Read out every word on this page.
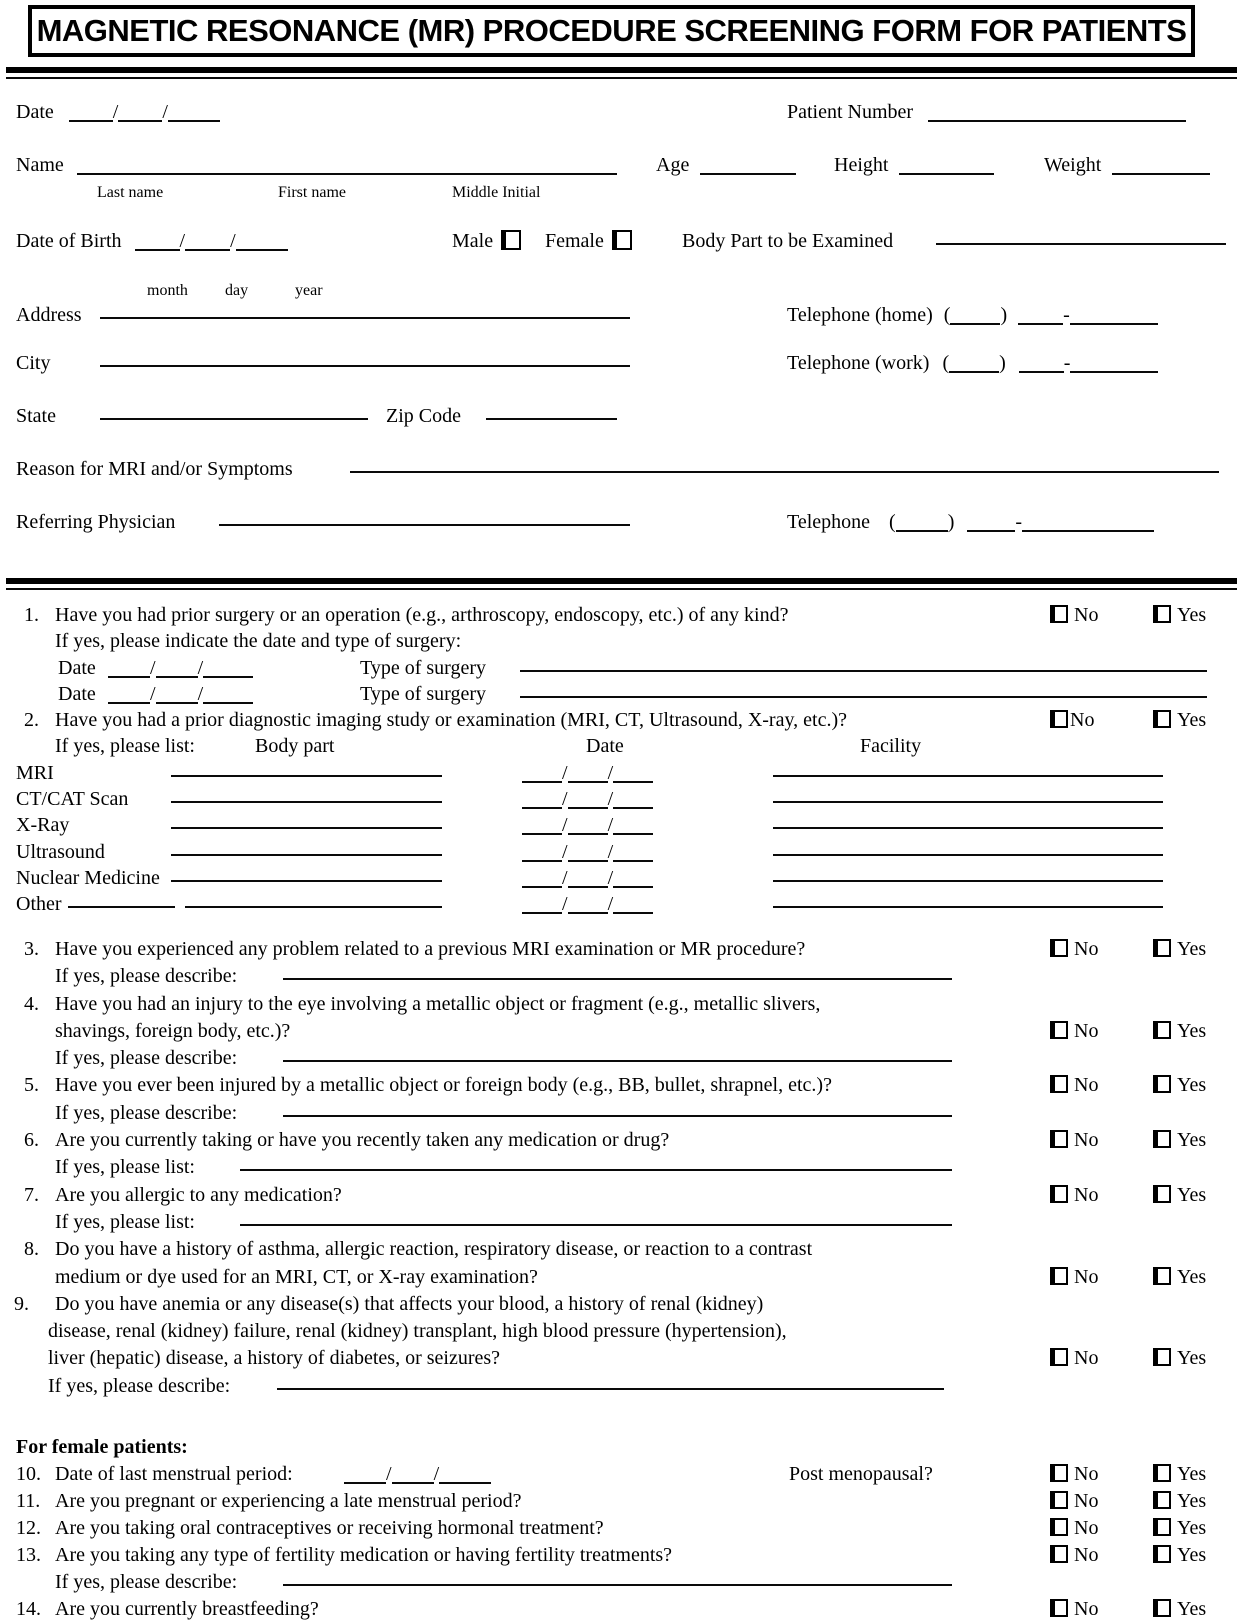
MAGNETIC RESONANCE (MR) PROCEDURE SCREENING FORM FOR PATIENTS
Date	/ /	Patient Number
Name	Age	Height	Weight
Last name	First name	Middle Initial
Date of Birth	/ /	Male	Female	Body Part to be Examined
month day	year
Address	Telephone (home) (	)	-
City	Telephone (work) (	)	-
State	Zip Code
Reason for MRI and/or Symptoms
Referring Physician	Telephone (	)	-
1. Have you had prior surgery or an operation (e.g., arthroscopy, endoscopy, etc.) of any kind?	No	Yes
If yes, please indicate the date and type of surgery:
Date	/ /	Type of surgery
Date	/ /	Type of surgery
2. Have you had a prior diagnostic imaging study or examination (MRI, CT, Ultrasound, X-ray, etc.)?	No	Yes
If yes, please list:	Body part	Date	Facility
MRI	/ /
CT/CAT Scan	/ /
X-Ray	/ /
Ultrasound	/ /
Nuclear Medicine	/ /
Other	/ /
3. Have you experienced any problem related to a previous MRI examination or MR procedure?	No	Yes
If yes, please describe:
4. Have you had an injury to the eye involving a metallic object or fragment (e.g., metallic slivers,
shavings, foreign body, etc.)?	No	Yes
If yes, please describe:
5. Have you ever been injured by a metallic object or foreign body (e.g., BB, bullet, shrapnel, etc.)?	No	Yes
If yes, please describe:
6. Are you currently taking or have you recently taken any medication or drug?	No	Yes
If yes, please list:
7. Are you allergic to any medication?	No	Yes
If yes, please list:
8. Do you have a history of asthma, allergic reaction, respiratory disease, or reaction to a contrast
medium or dye used for an MRI, CT, or X-ray examination?	No	Yes
9. Do you have anemia or any disease(s) that affects your blood, a history of renal (kidney)
disease, renal (kidney) failure, renal (kidney) transplant, high blood pressure (hypertension),
liver (hepatic) disease, a history of diabetes, or seizures?	No	Yes
If yes, please describe:
For female patients:
10. Date of last menstrual period:	/ /	Post menopausal?	No	Yes
11. Are you pregnant or experiencing a late menstrual period?	No	Yes
12. Are you taking oral contraceptives or receiving hormonal treatment?	No	Yes
13. Are you taking any type of fertility medication or having fertility treatments?	No	Yes
If yes, please describe:
14. Are you currently breastfeeding?	No	Yes
